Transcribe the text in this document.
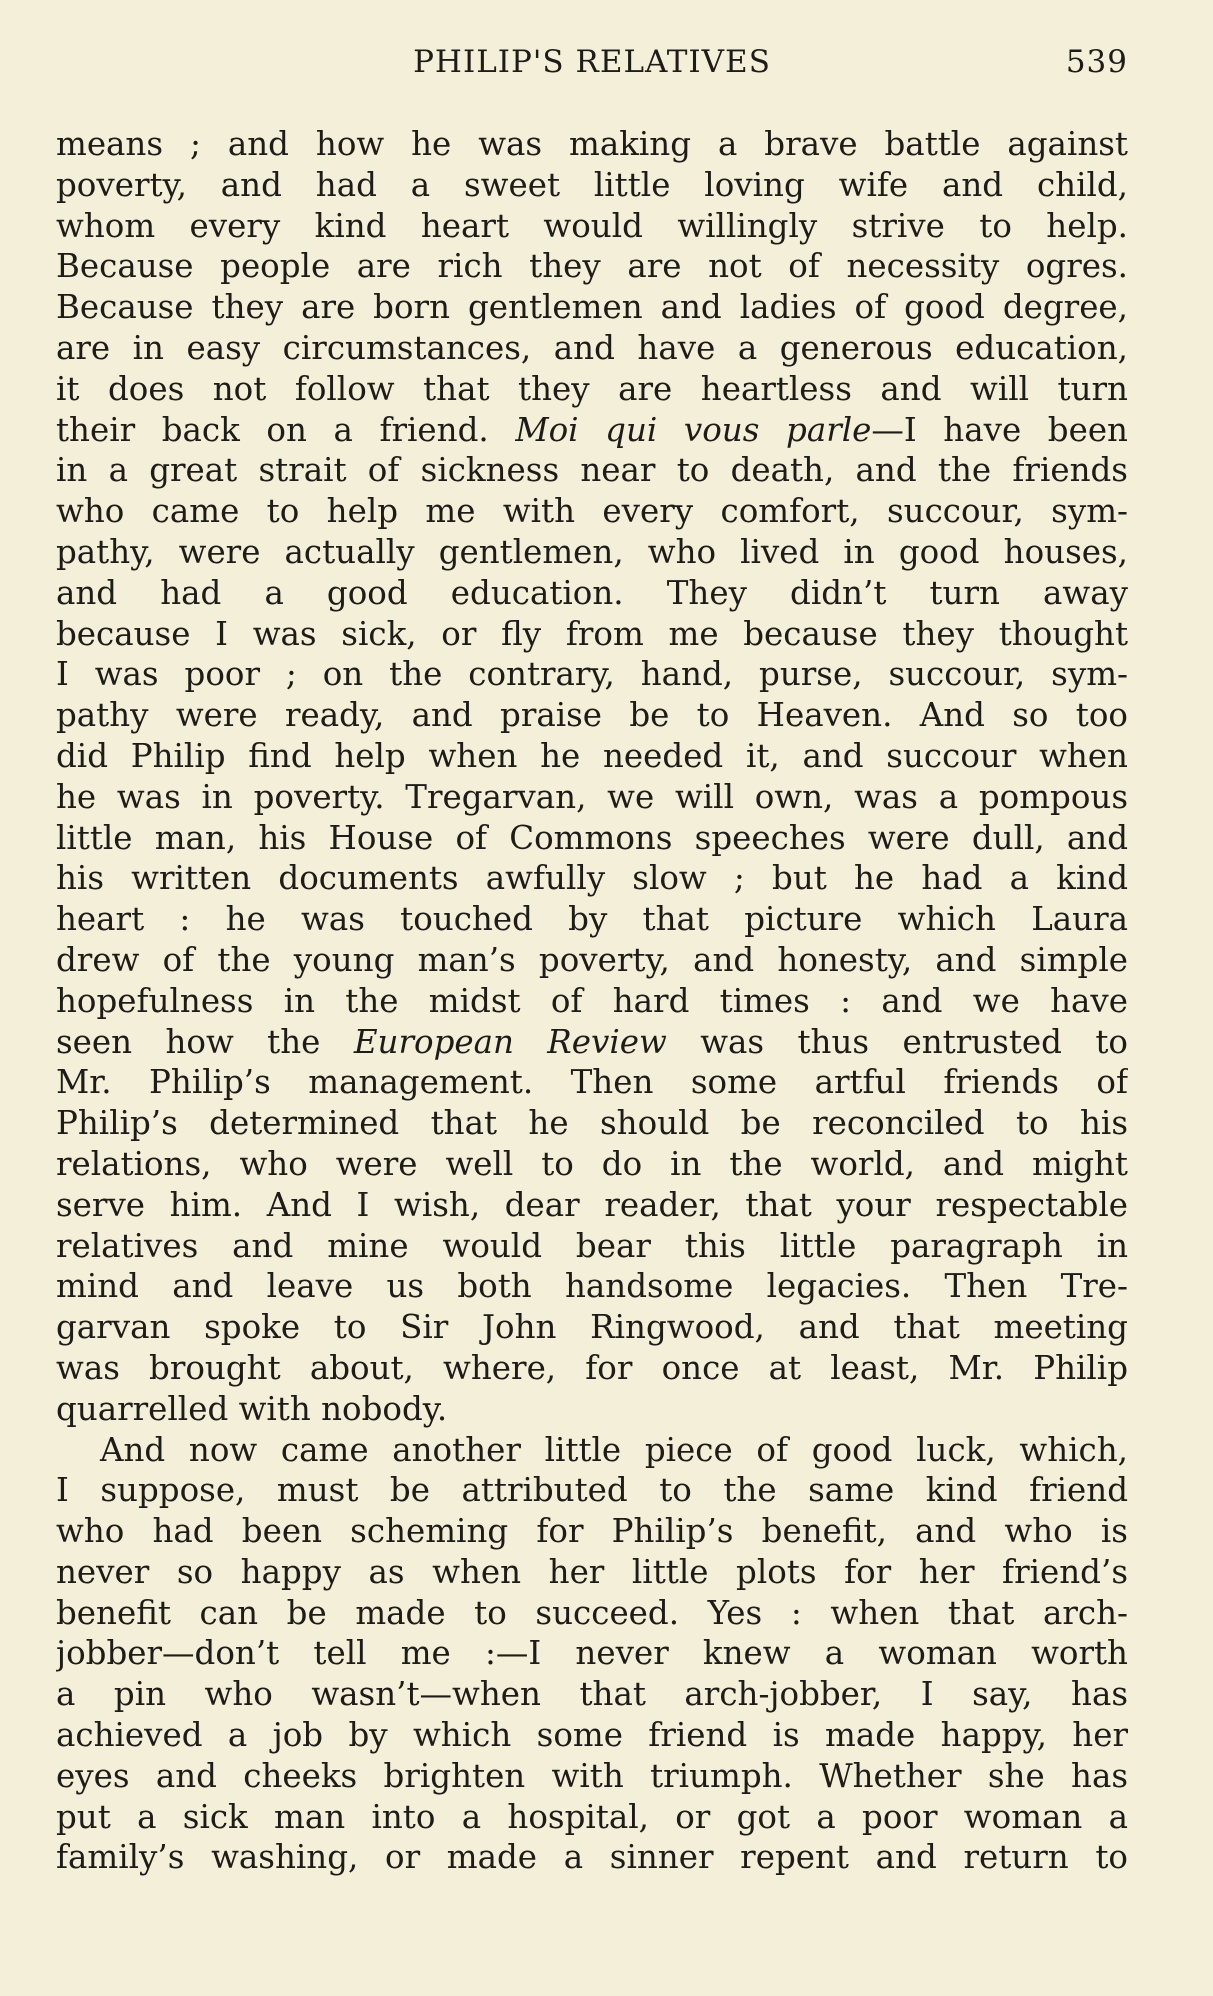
PHILIP'S RELATIVES	539
means ; and how he was making a brave battle against
poverty, and had a sweet little loving wife and child,
whom every kind heart would willingly strive to help.
Because people are rich they are not of necessity ogres.
Because they are born gentlemen and ladies of good degree,
are in easy circumstances, and have a generous education,
it does not follow that they are heartless and will turn
their back on a friend. Moi qui vous parle—I have been
in a great strait of sickness near to death, and the friends
who came to help me with every comfort, succour, sym-
pathy, were actually gentlemen, who lived in good houses,
and had a good education. They didn’t turn away
because I was sick, or fly from me because they thought
I was poor ; on the contrary, hand, purse, succour, sym-
pathy were ready, and praise be to Heaven. And so too
did Philip find help when he needed it, and succour when
he was in poverty. Tregarvan, we will own, was a pompous
little man, his House of Commons speeches were dull, and
his written documents awfully slow ; but he had a kind
heart : he was touched by that picture which Laura
drew of the young man’s poverty, and honesty, and simple
hopefulness in the midst of hard times : and we have
seen how the European Review was thus entrusted to
Mr. Philip’s management. Then some artful friends of
Philip’s determined that he should be reconciled to his
relations, who were well to do in the world, and might
serve him. And I wish, dear reader, that your respectable
relatives and mine would bear this little paragraph in
mind and leave us both handsome legacies. Then Tre-
garvan spoke to Sir John Ringwood, and that meeting
was brought about, where, for once at least, Mr. Philip
quarrelled with nobody.
And now came another little piece of good luck, which,
I suppose, must be attributed to the same kind friend
who had been scheming for Philip’s benefit, and who is
never so happy as when her little plots for her friend’s
benefit can be made to succeed. Yes : when that arch-
jobber—don’t tell me :—I never knew a woman worth
a pin who wasn’t—when that arch-jobber, I say, has
achieved a job by which some friend is made happy, her
eyes and cheeks brighten with triumph. Whether she has
put a sick man into a hospital, or got a poor woman a
family’s washing, or made a sinner repent and return to
